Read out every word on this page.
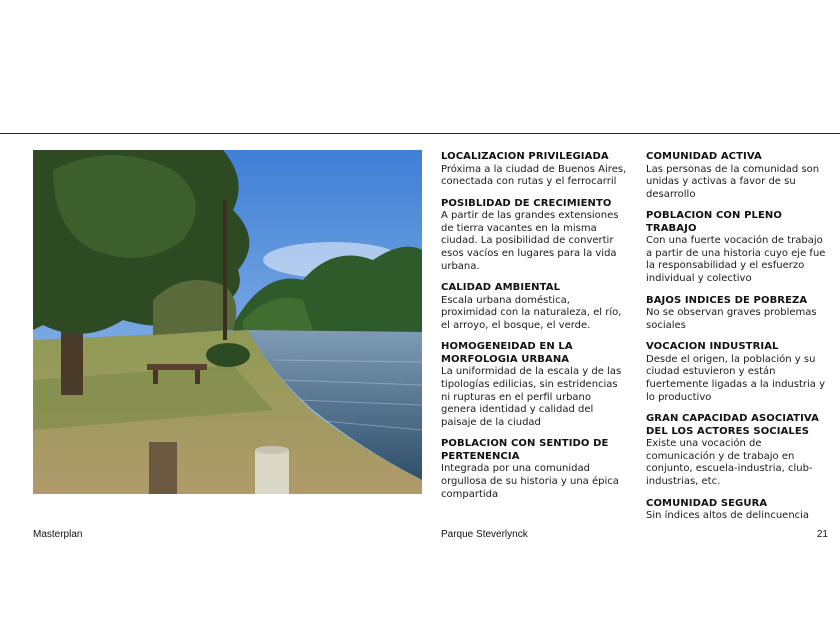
LOCALIZACION PRIVILEGIADA
Próxima a la ciudad de Buenos Aires, conectada con rutas y el ferrocarril
POSIBLIDAD DE CRECIMIENTO
A partir de las grandes extensiones de tierra vacantes en la misma ciudad. La posibilidad de convertir esos vacíos en lugares para la vida urbana.
CALIDAD AMBIENTAL
Escala urbana doméstica, proximidad con la naturaleza, el río, el arroyo, el bosque, el verde.
HOMOGENEIDAD EN LA MORFOLOGIA URBANA
La uniformidad de la escala y de las tipologías edilicias, sin estridencias ni rupturas en el perfil urbano genera identidad y calidad del paisaje de la ciudad
POBLACION CON SENTIDO DE PERTENENCIA
Integrada por una comunidad orgullosa de su historia y una épica compartida
COMUNIDAD ACTIVA
Las personas de la comunidad son unidas y activas a favor de su desarrollo
POBLACION CON PLENO TRABAJO
Con una fuerte vocación de trabajo a partir de una historia cuyo eje fue la responsabilidad y el esfuerzo individual y colectivo
BAJOS INDICES DE POBREZA
No se observan graves problemas sociales
VOCACION INDUSTRIAL
Desde el origen, la población y su ciudad estuvieron y están fuertemente ligadas a la industria y lo productivo
GRAN CAPACIDAD ASOCIATIVA DEL LOS ACTORES SOCIALES
Existe una vocación de comunicación y de trabajo en conjunto, escuela-industria, club-industrias, etc.
COMUNIDAD SEGURA
Sin índices altos de delincuencia
Masterplan	Parque Steverlynck	21
